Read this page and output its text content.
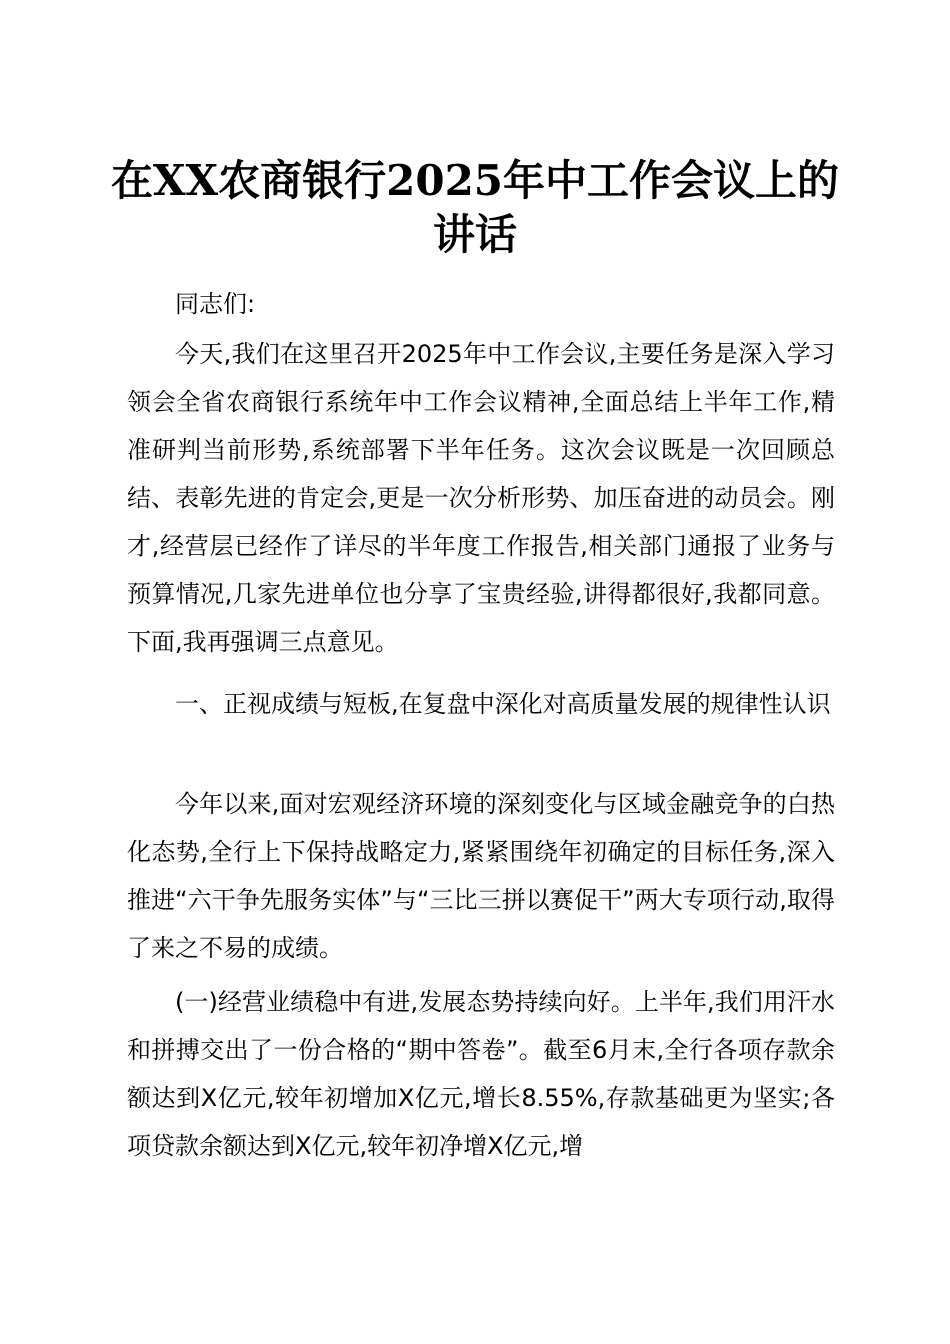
在XX农商银行2025年中工作会议上的讲话

同志们:

今天,我们在这里召开2025年中工作会议,主要任务是深入学习领会全省农商银行系统年中工作会议精神,全面总结上半年工作,精准研判当前形势,系统部署下半年任务。这次会议既是一次回顾总结、表彰先进的肯定会,更是一次分析形势、加压奋进的动员会。刚才,经营层已经作了详尽的半年度工作报告,相关部门通报了业务与预算情况,几家先进单位也分享了宝贵经验,讲得都很好,我都同意。下面,我再强调三点意见。

一、正视成绩与短板,在复盘中深化对高质量发展的规律性认识

今年以来,面对宏观经济环境的深刻变化与区域金融竞争的白热化态势,全行上下保持战略定力,紧紧围绕年初确定的目标任务,深入推进“六干争先服务实体”与“三比三拼以赛促干”两大专项行动,取得了来之不易的成绩。

(一)经营业绩稳中有进,发展态势持续向好。上半年,我们用汗水和拼搏交出了一份合格的“期中答卷”。截至6月末,全行各项存款余额达到X亿元,较年初增加X亿元,增长8.55%,存款基础更为坚实;各项贷款余额达到X亿元,较年初净增X亿元,增
